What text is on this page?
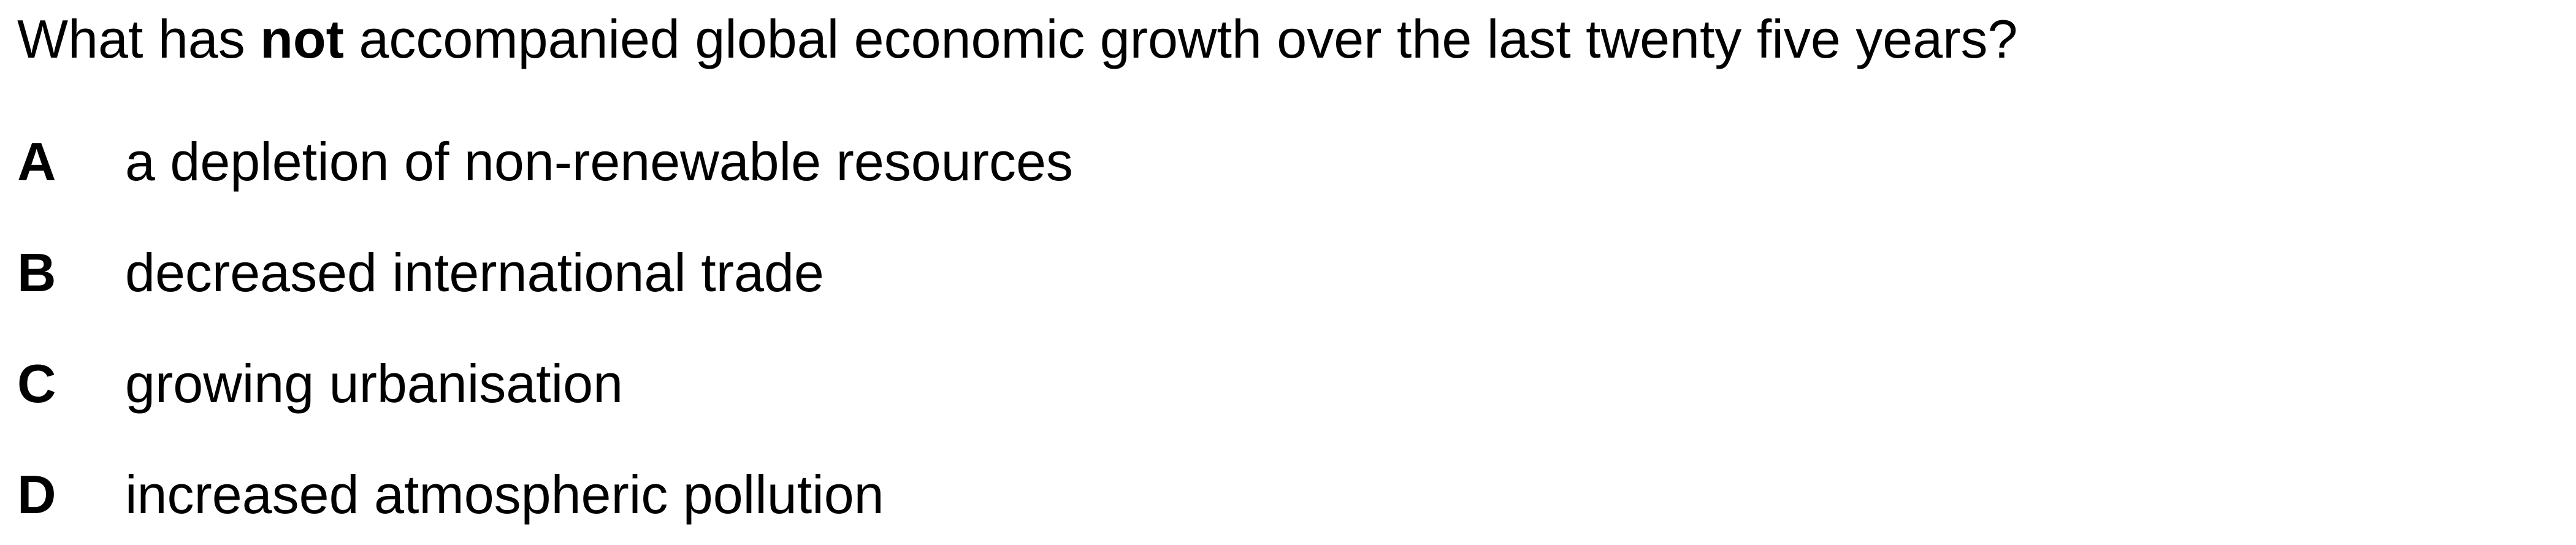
What has not accompanied global economic growth over the last twenty five years?
A a depletion of non-renewable resources
B decreased international trade
C growing urbanisation
D increased atmospheric pollution
